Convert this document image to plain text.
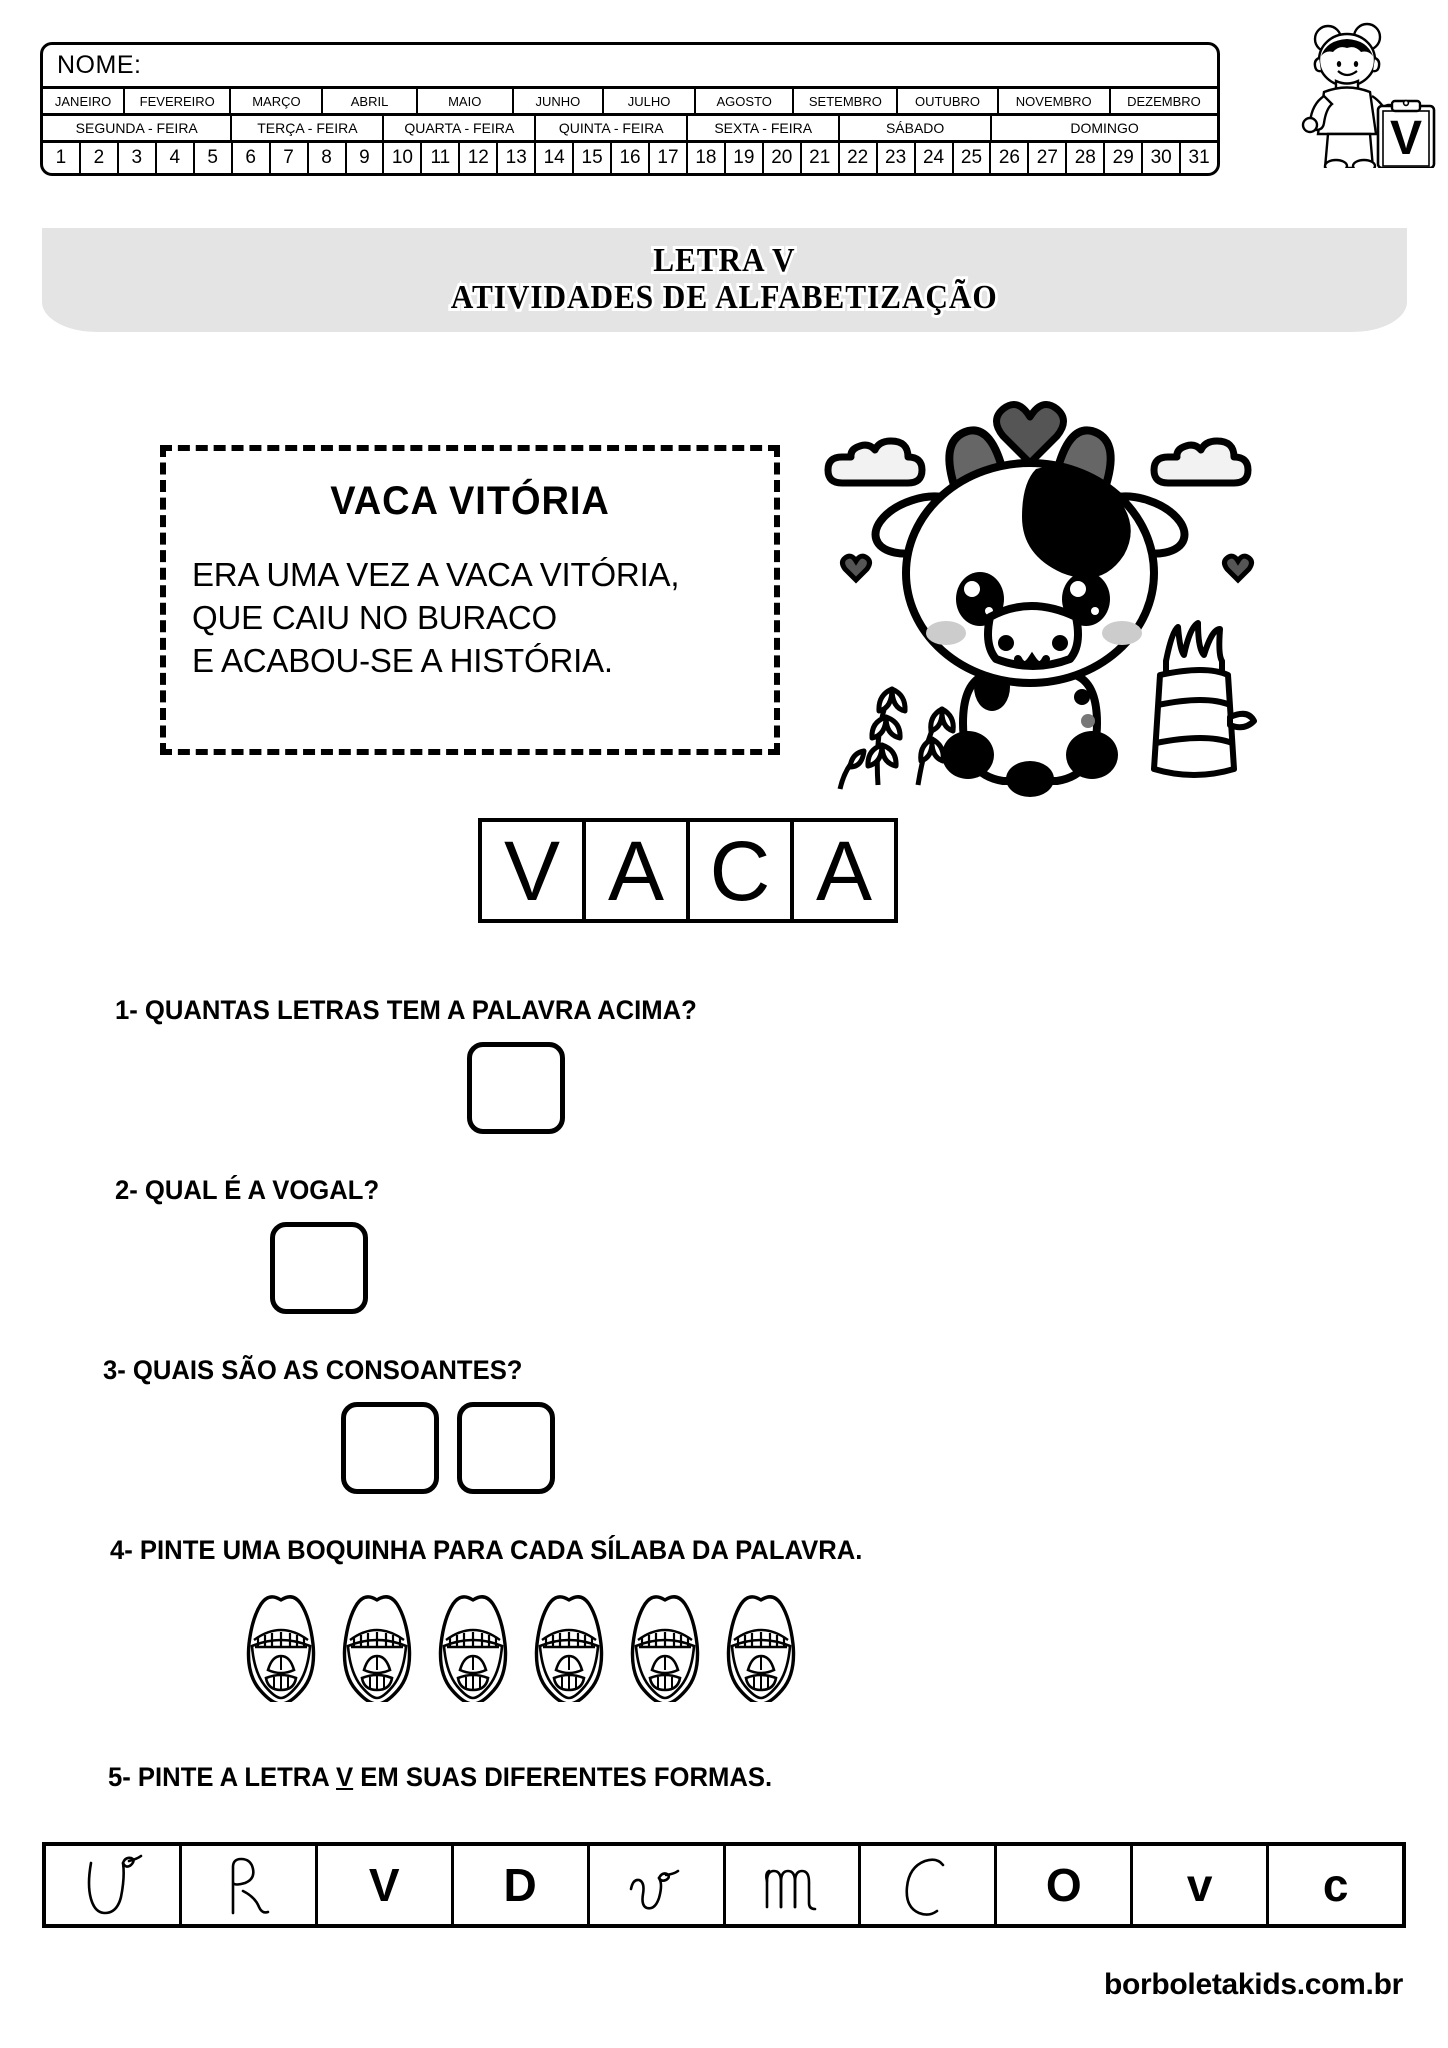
NOME:
JANEIRO	FEVEREIRO	MARÇO	ABRIL	MAIO	JUNHO	JULHO	AGOSTO	SETEMBRO	OUTUBRO	NOVEMBRO	DEZEMBRO
SEGUNDA - FEIRA	TERÇA - FEIRA	QUARTA - FEIRA	QUINTA - FEIRA	SEXTA - FEIRA	SÁBADO	DOMINGO
1	2	3	4	5	6	7	8	9	10 11 12 13 14 15 16 17 18 19 20 21 22 23 24 25 26 27 28 29 30 31	V
LETRA V
ATIVIDADES DE ALFABETIZAÇÃO
VACA VITÓRIA
ERA UMA VEZ A VACA VITÓRIA,
QUE CAIU NO BURACO
E ACABOU-SE A HISTÓRIA.
V A C A
1- QUANTAS LETRAS TEM A PALAVRA ACIMA?
2- QUAL É A VOGAL?
3- QUAIS SÃO AS CONSOANTES?
4- PINTE UMA BOQUINHA PARA CADA SÍLABA DA PALAVRA.
5- PINTE A LETRA V EM SUAS DIFERENTES FORMAS.
V D	O v c
borboletakids.com.br
